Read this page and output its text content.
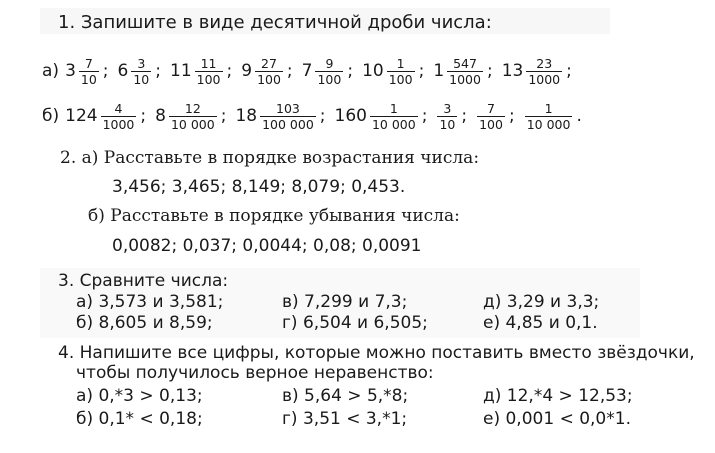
1. Запишите в виде десятичной дроби числа:
а) $3 \frac{7}{10}$ ; $6 \frac{3}{10}$ ; $11 \frac{11}{100}$ ; $9 \frac{27}{100}$ ; $7 \frac{9}{100}$ ; $10 \frac{1}{100}$ ; $1 \frac{547}{1000}$ ; $13 \frac{23}{1000}$ ;
б) $124 \frac{4}{1000}$ ; $8 \frac{12}{10 000}$ ; $18 \frac{103}{100 000}$ ; $160 \frac{1}{10 000}$ ; $\frac{3}{10}$ ; $\frac{7}{100}$ ; $\frac{1}{10 000}$ .
2. а) Расставьте в порядке возрастания числа:
3,456; 3,465; 8,149; 8,079; 0,453.
б) Расставьте в порядке убывания числа:
0,0082; 0,037; 0,0044; 0,08; 0,0091
3. Сравните числа:
а) 3,573 и 3,581;	в) 7,299 и 7,3;	д) 3,29 и 3,3;
б) 8,605 и 8,59;	г) 6,504 и 6,505;	е) 4,85 и 0,1.
4. Напишите все цифры, которые можно поставить вместо звёздочки,
чтобы получилось верное неравенство:
а) 0,*3 > 0,13;	в) 5,64 > 5,*8;	д) 12,*4 > 12,53;
б) 0,1* < 0,18;	г) 3,51 < 3,*1;	е) 0,001 < 0,0*1.
